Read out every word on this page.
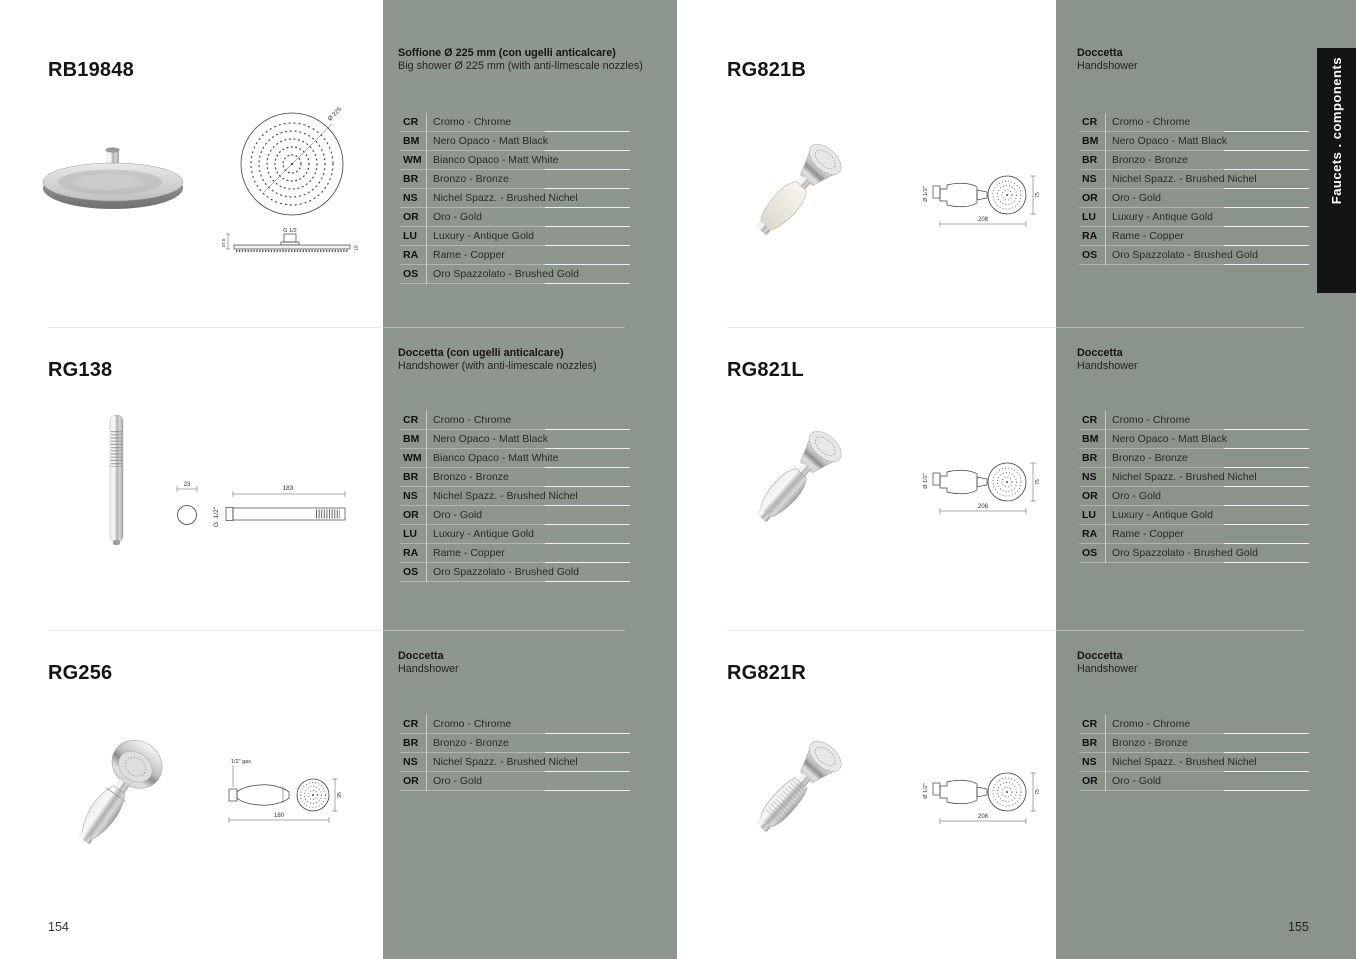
RB19848
Ø 225
G 1/2
47.5
10
Soffione Ø 225 mm (con ugelli anticalcare)
Big shower Ø 225 mm (with anti-limescale nozzles)
CR Cromo - Chrome
BM Nero Opaco - Matt Black
WM Bianco Opaco - Matt White
BR Bronzo - Bronze
NS Nichel Spazz. - Brushed Nichel
OR Oro - Gold
LU Luxury - Antique Gold
RA Rame - Copper
OS Oro Spazzolato - Brushed Gold
RG138
23
G. 1/2"
183
Doccetta (con ugelli anticalcare)
Handshower (with anti-limescale nozzles)
CR Cromo - Chrome
BM Nero Opaco - Matt Black
WM Bianco Opaco - Matt White
BR Bronzo - Bronze
NS Nichel Spazz. - Brushed Nichel
OR Oro - Gold
LU Luxury - Antique Gold
RA Rame - Copper
OS Oro Spazzolato - Brushed Gold
RG256
1/2" gas
95
180
Doccetta
Handshower
CR Cromo - Chrome
BR Bronzo - Bronze
NS Nichel Spazz. - Brushed Nichel
OR Oro - Gold
RG821B
Ø 1/2"	75
208
Doccetta
Handshower
CR Cromo - Chrome
BM Nero Opaco - Matt Black
BR Bronzo - Bronze
NS Nichel Spazz. - Brushed Nichel
OR Oro - Gold
LU Luxury - Antique Gold
RA Rame - Copper
OS Oro Spazzolato - Brushed Gold
RG821L
Ø 1/2"	75
208
Doccetta
Handshower
CR Cromo - Chrome
BM Nero Opaco - Matt Black
BR Bronzo - Bronze
NS Nichel Spazz. - Brushed Nichel
OR Oro - Gold
LU Luxury - Antique Gold
RA Rame - Copper
OS Oro Spazzolato - Brushed Gold
RG821R
Ø 1/2"	75
208
Doccetta
Handshower
CR Cromo - Chrome
BR Bronzo - Bronze
NS Nichel Spazz. - Brushed Nichel
OR Oro - Gold
Faucets . components
154	155
